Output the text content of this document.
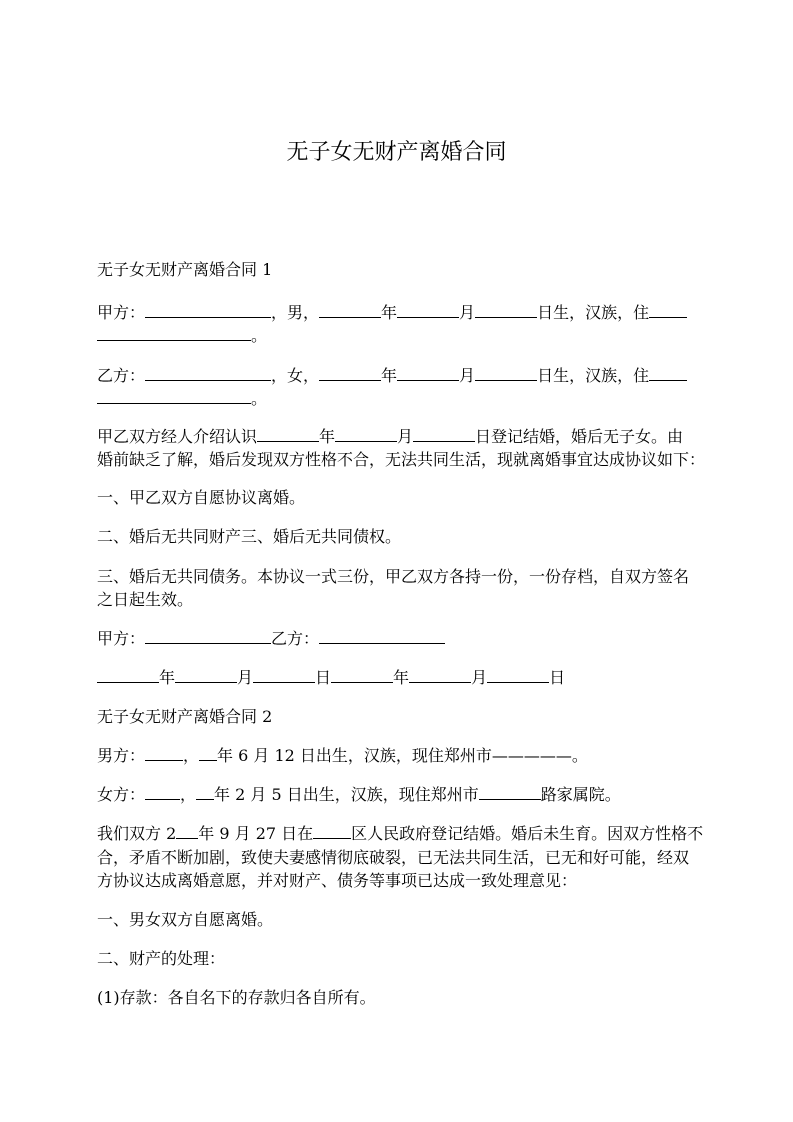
无子女无财产离婚合同
无子女无财产离婚合同 1
甲方：	，男，	年	月	日生，汉族，住
。
乙方：	，女，	年	月	日生，汉族，住
。
甲乙双方经人介绍认识	年	月	日登记结婚，婚后无子女。由
婚前缺乏了解，婚后发现双方性格不合，无法共同生活，现就离婚事宜达成协议如下：
一、甲乙双方自愿协议离婚。
二、婚后无共同财产三、婚后无共同债权。
三、婚后无共同债务。本协议一式三份，甲乙双方各持一份，一份存档，自双方签名
之日起生效。
甲方：	乙方：
年	月	日	年	月	日
无子女无财产离婚合同 2
男方： ， 年 6 月 12 日出生，汉族，现住郑州市—————。
女方： ， 年 2 月 5 日出生，汉族，现住郑州市	路家属院。
我们双方 2 年 9 月 27 日在 区人民政府登记结婚。婚后未生育。因双方性格不
合，矛盾不断加剧，致使夫妻感情彻底破裂，已无法共同生活，已无和好可能，经双
方协议达成离婚意愿，并对财产、债务等事项已达成一致处理意见：
一、男女双方自愿离婚。
二、财产的处理：
(1)存款：各自名下的存款归各自所有。
